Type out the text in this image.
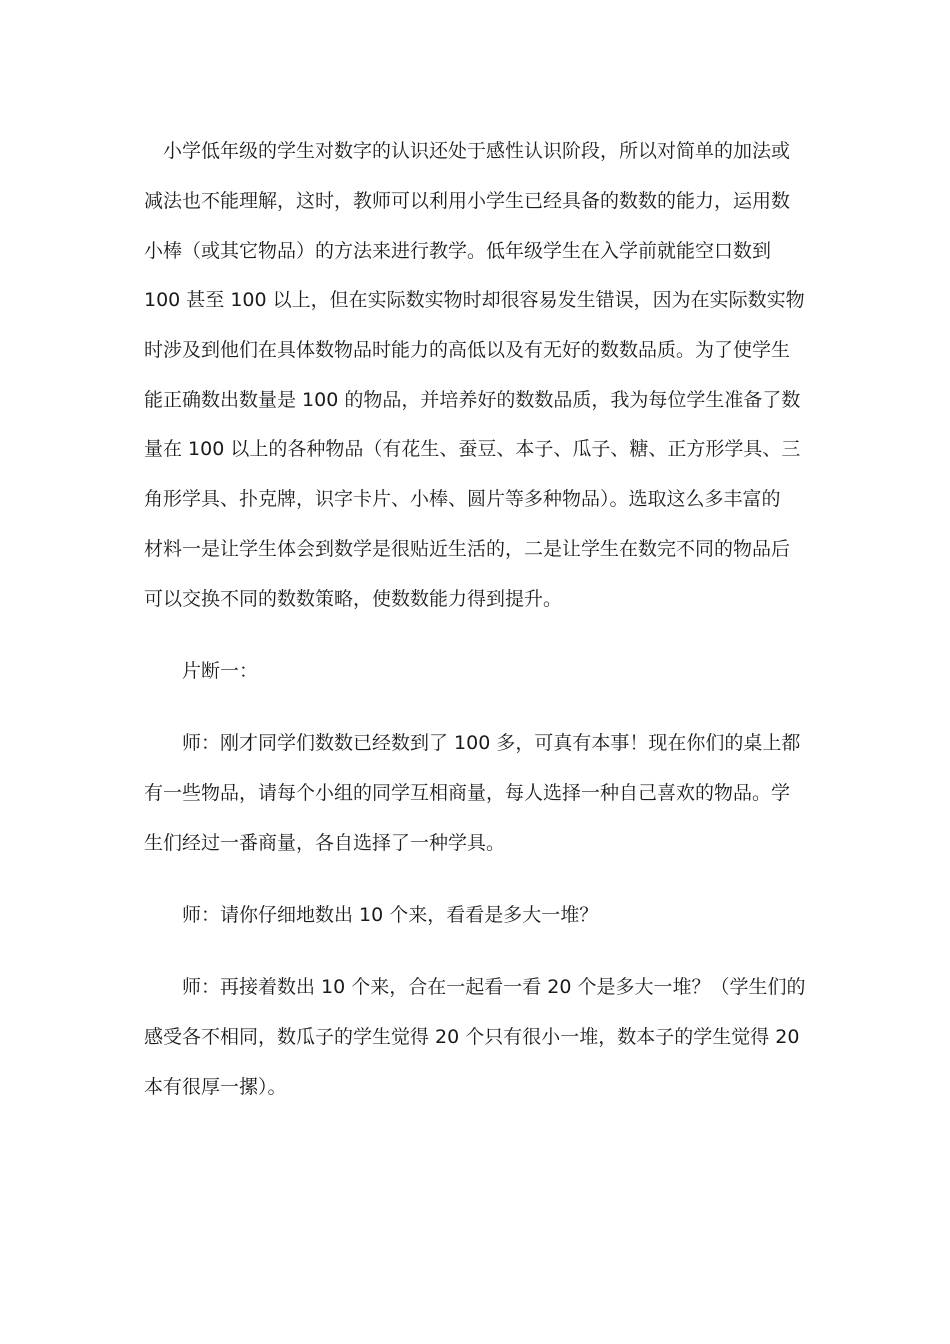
　小学低年级的学生对数字的认识还处于感性认识阶段，所以对简单的加法或

减法也不能理解，这时，教师可以利用小学生已经具备的数数的能力，运用数

小棒（或其它物品）的方法来进行教学。低年级学生在入学前就能空口数到

100 甚至 100 以上，但在实际数实物时却很容易发生错误，因为在实际数实物

时涉及到他们在具体数物品时能力的高低以及有无好的数数品质。为了使学生

能正确数出数量是 100 的物品，并培养好的数数品质，我为每位学生准备了数

量在 100 以上的各种物品（有花生、蚕豆、本子、瓜子、糖、正方形学具、三

角形学具、扑克牌，识字卡片、小棒、圆片等多种物品）。选取这么多丰富的

材料一是让学生体会到数学是很贴近生活的，二是让学生在数完不同的物品后

可以交换不同的数数策略，使数数能力得到提升。

　　片断一：

　　师：刚才同学们数数已经数到了 100 多，可真有本事！现在你们的桌上都

有一些物品，请每个小组的同学互相商量，每人选择一种自己喜欢的物品。学

生们经过一番商量，各自选择了一种学具。

　　师：请你仔细地数出 10 个来，看看是多大一堆？

　　师：再接着数出 10 个来，合在一起看一看 20 个是多大一堆？（学生们的

感受各不相同，数瓜子的学生觉得 20 个只有很小一堆，数本子的学生觉得 20

本有很厚一摞）。
